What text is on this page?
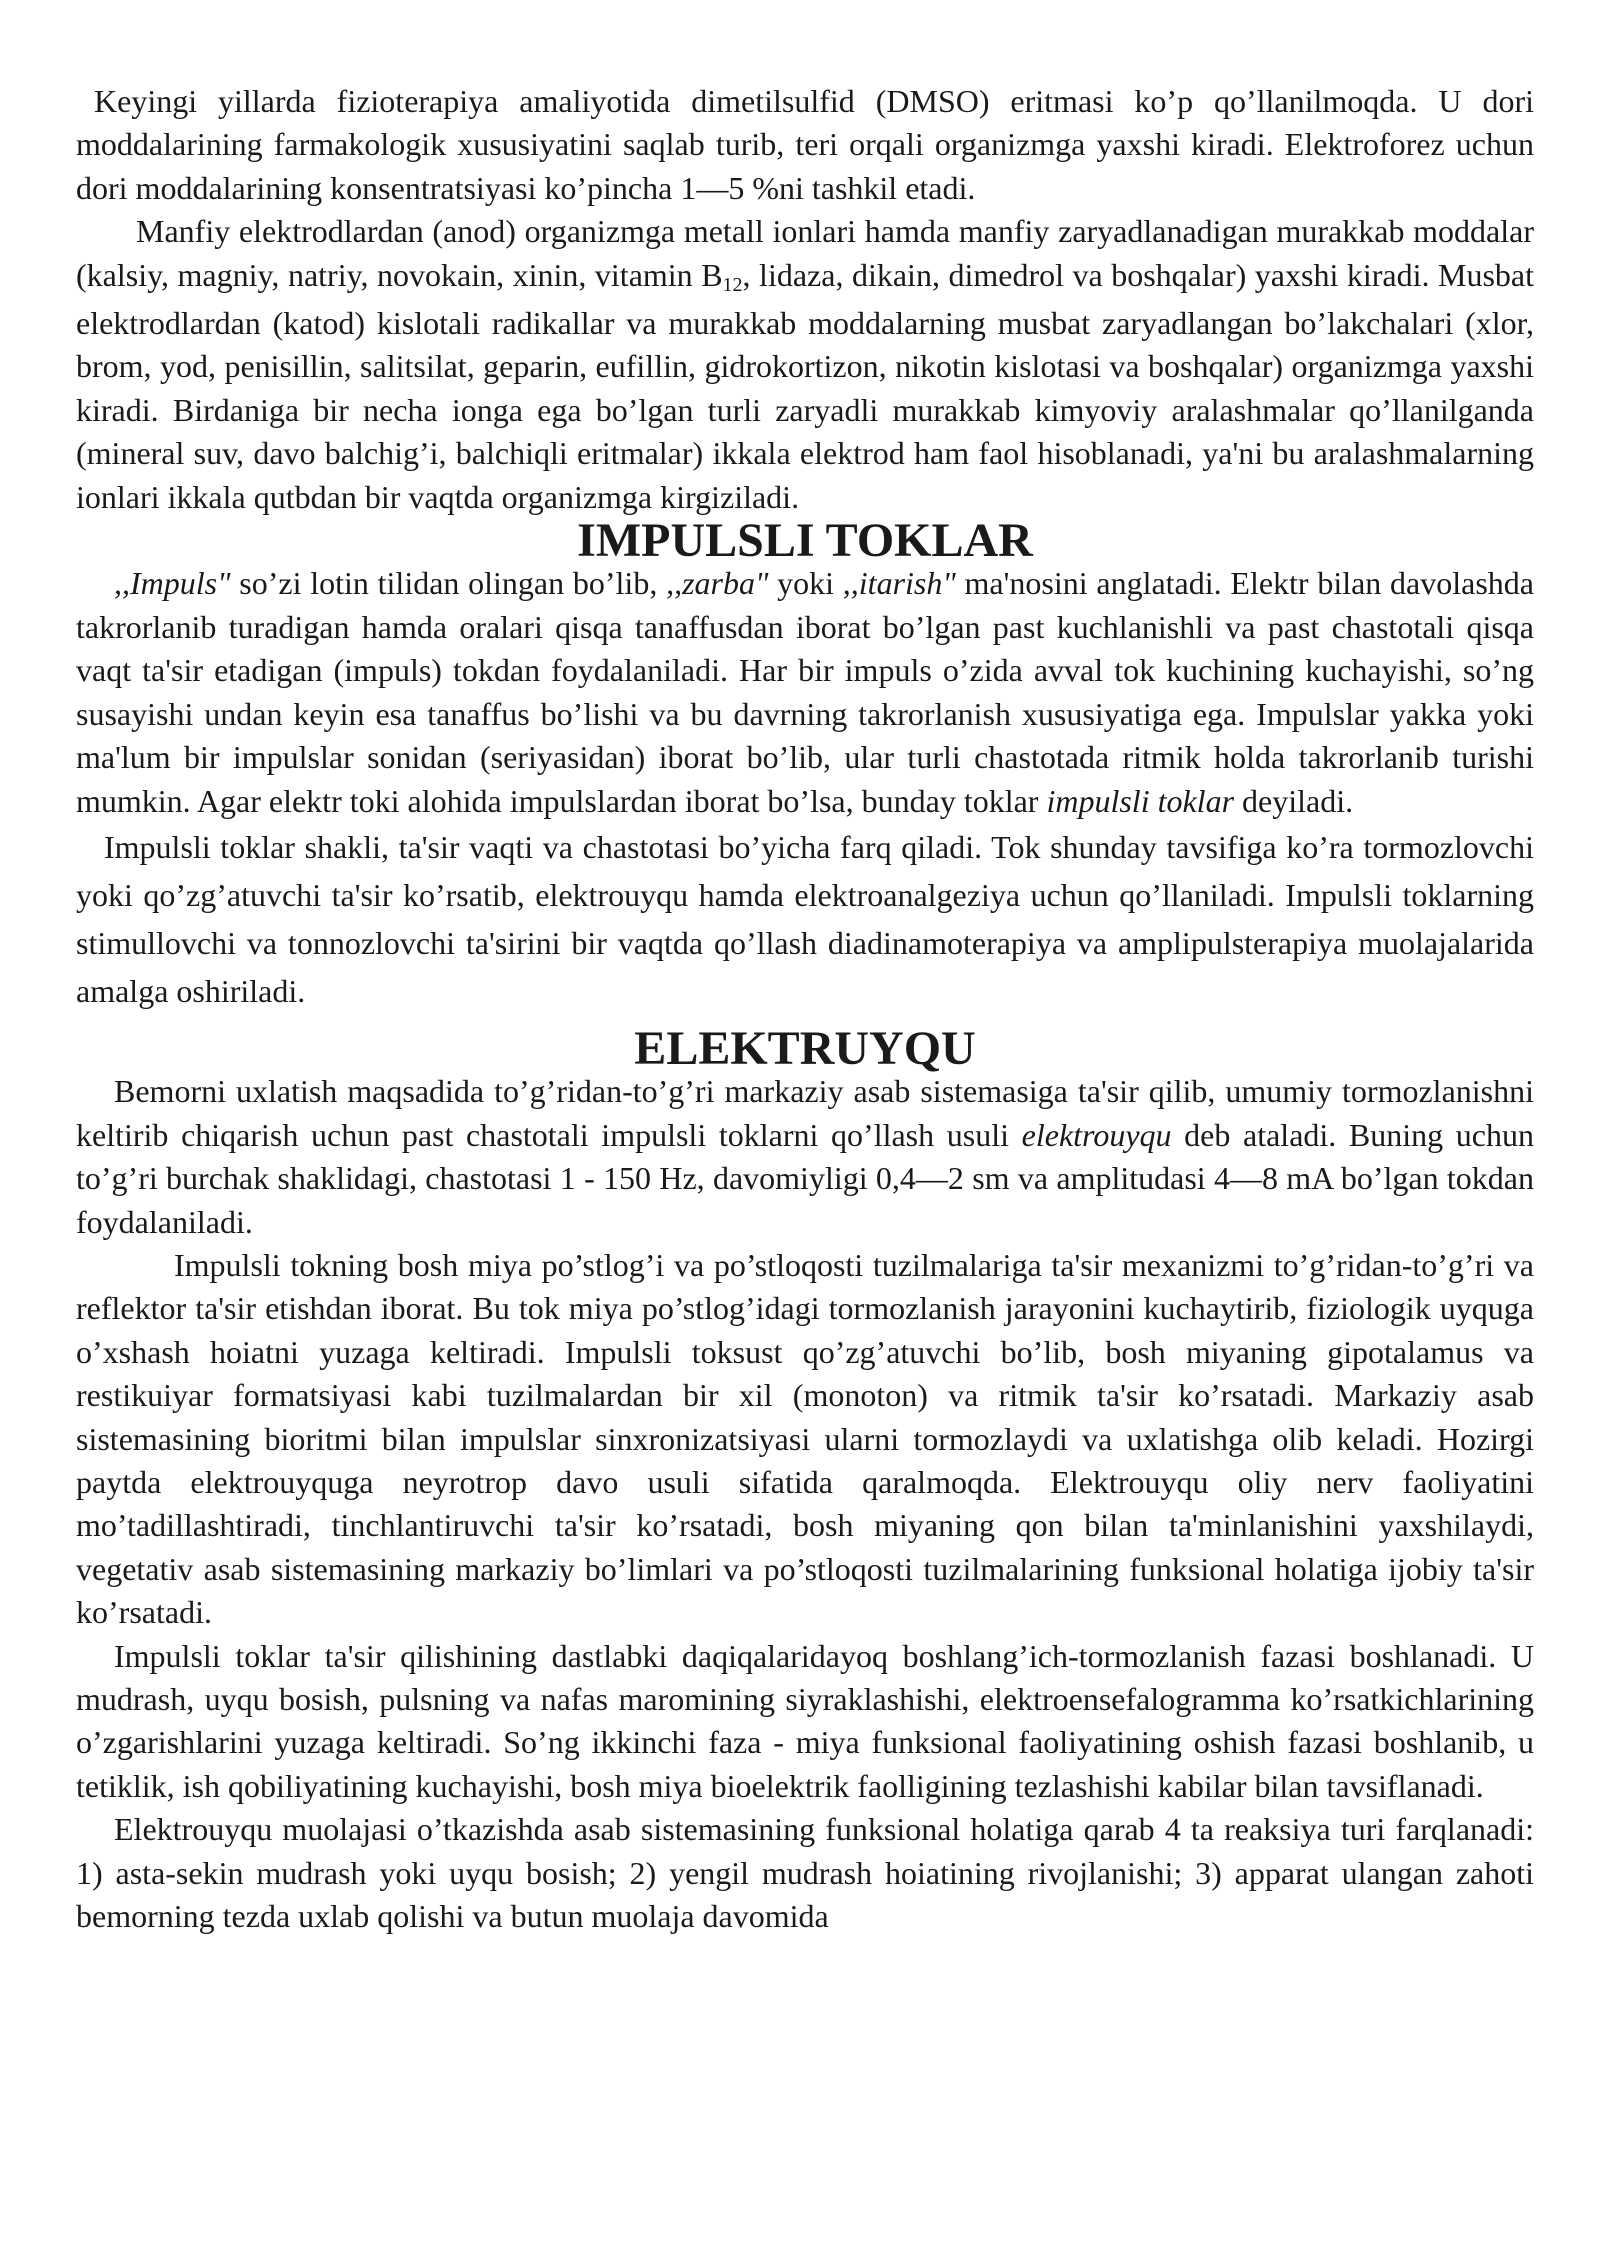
Keyingi yillarda fizioterapiya amaliyotida dimetilsulfid (DMSO) eritmasi ko’p qo’llanilmoqda. U dori moddalarining farmakologik xususiyatini saqlab turib, teri orqali organizmga yaxshi kiradi. Elektroforez uchun dori moddalarining konsentratsiyasi ko’pincha 1—5 %ni tashkil etadi.

Manfiy elektrodlardan (anod) organizmga metall ionlari hamda manfiy zaryadlanadigan murakkab moddalar (kalsiy, magniy, natriy, novokain, xinin, vitamin $B_{12}$, lidaza, dikain, dimedrol va boshqalar) yaxshi kiradi. Musbat elektrodlardan (katod) kislotali radikallar va murakkab moddalarning musbat zaryadlangan bo’lakchalari (xlor, brom, yod, penisillin, salitsilat, geparin, eufillin, gidrokortizon, nikotin kislotasi va boshqalar) organizmga yaxshi kiradi. Birdaniga bir necha ionga ega bo’lgan turli zaryadli murakkab kimyoviy aralashmalar qo’llanilganda (mineral suv, davo balchig’i, balchiqli eritmalar) ikkala elektrod ham faol hisoblanadi, ya'ni bu aralashmalarning ionlari ikkala qutbdan bir vaqtda organizmga kirgiziladi.

IMPULSLI TOKLAR

,,Impuls" so’zi lotin tilidan olingan bo’lib, ,,zarba" yoki ,,itarish" ma'nosini anglatadi. Elektr bilan davolashda takrorlanib turadigan hamda oralari qisqa tanaffusdan iborat bo’lgan past kuchlanishli va past chastotali qisqa vaqt ta'sir etadigan (impuls) tokdan foydalaniladi. Har bir impuls o’zida avval tok kuchining kuchayishi, so’ng susayishi undan keyin esa tanaffus bo’lishi va bu davrning takrorlanish xususiyatiga ega. Impulslar yakka yoki ma'lum bir impulslar sonidan (seriyasidan) iborat bo’lib, ular turli chastotada ritmik holda takrorlanib turishi mumkin. Agar elektr toki alohida impulslardan iborat bo’lsa, bunday toklar impulsli toklar deyiladi.

Impulsli toklar shakli, ta'sir vaqti va chastotasi bo’yicha farq qiladi. Tok shunday tavsifiga ko’ra tormozlovchi yoki qo’zg’atuvchi ta'sir ko’rsatib, elektrouyqu hamda elektroanalgeziya uchun qo’llaniladi. Impulsli toklarning stimullovchi va tonnozlovchi ta'sirini bir vaqtda qo’llash diadinamoterapiya va amplipulsterapiya muolajalarida amalga oshiriladi.

ELEKTRUYQU

Bemorni uxlatish maqsadida to’g’ridan-to’g’ri markaziy asab sistemasiga ta'sir qilib, umumiy tormozlanishni keltirib chiqarish uchun past chastotali impulsli toklarni qo’llash usuli elektrouyqu deb ataladi. Buning uchun to’g’ri burchak shaklidagi, chastotasi 1 - 150 Hz, davomiyligi 0,4—2 sm va amplitudasi 4—8 mA bo’lgan tokdan foydalaniladi.

Impulsli tokning bosh miya po’stlog’i va po’stloqosti tuzilmalariga ta'sir mexanizmi to’g’ridan-to’g’ri va reflektor ta'sir etishdan iborat. Bu tok miya po’stlog’idagi tormozlanish jarayonini kuchaytirib, fiziologik uyquga o’xshash hoiatni yuzaga keltiradi. Impulsli toksust qo’zg’atuvchi bo’lib, bosh miyaning gipotalamus va restikuiyar formatsiyasi kabi tuzilmalardan bir xil (monoton) va ritmik ta'sir ko’rsatadi. Markaziy asab sistemasining bioritmi bilan impulslar sinxronizatsiyasi ularni tormozlaydi va uxlatishga olib keladi. Hozirgi paytda elektrouyquga neyrotrop davo usuli sifatida qaralmoqda. Elektrouyqu oliy nerv faoliyatini mo’tadillashtiradi, tinchlantiruvchi ta'sir ko’rsatadi, bosh miyaning qon bilan ta'minlanishini yaxshilaydi, vegetativ asab sistemasining markaziy bo’limlari va po’stloqosti tuzilmalarining funksional holatiga ijobiy ta'sir ko’rsatadi.

Impulsli toklar ta'sir qilishining dastlabki daqiqalaridayoq boshlang’ich-tormozlanish fazasi boshlanadi. U mudrash, uyqu bosish, pulsning va nafas maromining siyraklashishi, elektroensefalogramma ko’rsatkichlarining o’zgarishlarini yuzaga keltiradi. So’ng ikkinchi faza - miya funksional faoliyatining oshish fazasi boshlanib, u tetiklik, ish qobiliyatining kuchayishi, bosh miya bioelektrik faolligining tezlashishi kabilar bilan tavsiflanadi.

Elektrouyqu muolajasi o’tkazishda asab sistemasining funksional holatiga qarab 4 ta reaksiya turi farqlanadi: 1) asta-sekin mudrash yoki uyqu bosish; 2) yengil mudrash hoiatining rivojlanishi; 3) apparat ulangan zahoti bemorning tezda uxlab qolishi va butun muolaja davomida
